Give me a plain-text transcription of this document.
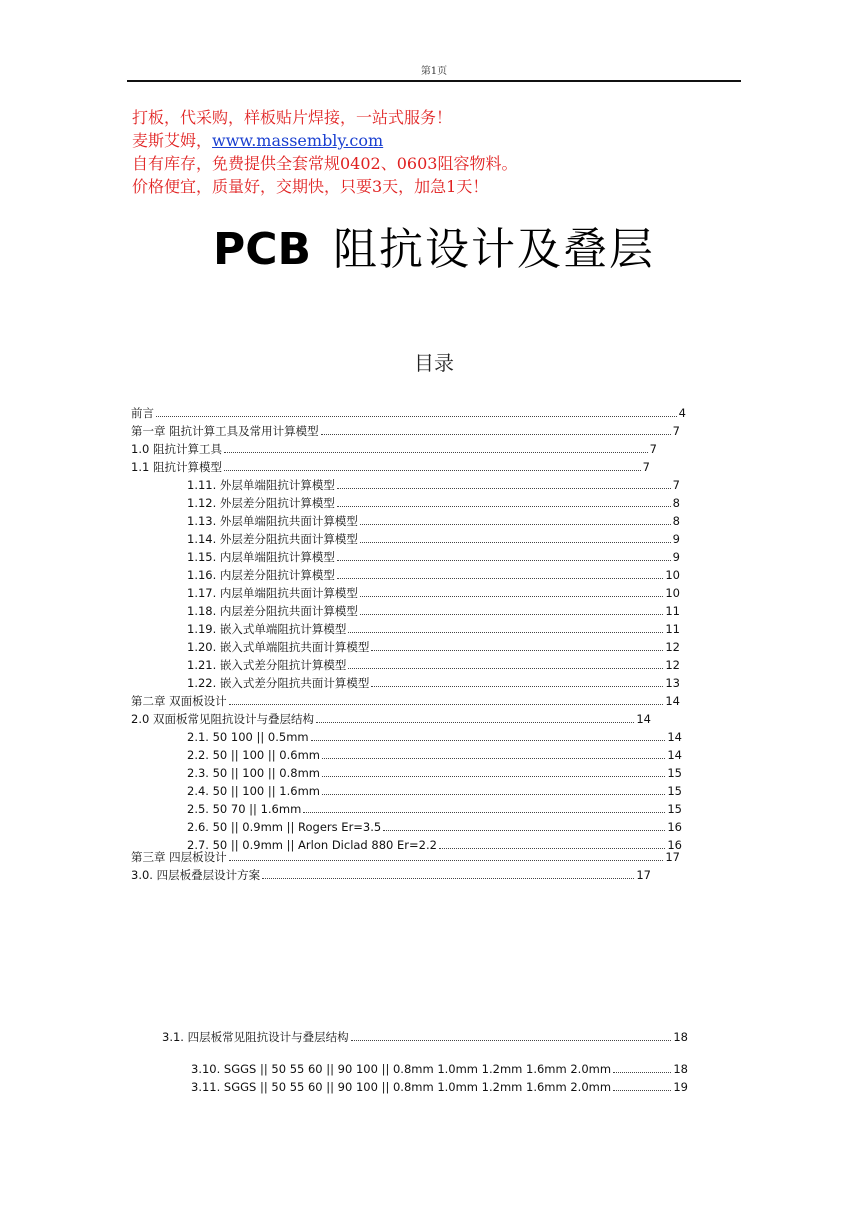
第1页
打板，代采购，样板贴片焊接，一站式服务！
麦斯艾姆，www.massembly.com
自有库存，免费提供全套常规0402、0603阻容物料。
价格便宜，质量好，交期快，只要3天，加急1天！
PCB 阻抗设计及叠层
目录
前言	4
第一章 阻抗计算工具及常用计算模型	7
1.0 阻抗计算工具	7
1.1 阻抗计算模型	7
1.11. 外层单端阻抗计算模型	7
1.12. 外层差分阻抗计算模型	8
1.13. 外层单端阻抗共面计算模型	8
1.14. 外层差分阻抗共面计算模型	9
1.15. 内层单端阻抗计算模型	9
1.16. 内层差分阻抗计算模型	10
1.17. 内层单端阻抗共面计算模型	10
1.18. 内层差分阻抗共面计算模型	11
1.19. 嵌入式单端阻抗计算模型	11
1.20. 嵌入式单端阻抗共面计算模型	12
1.21. 嵌入式差分阻抗计算模型	12
1.22. 嵌入式差分阻抗共面计算模型	13
第二章 双面板设计	14
2.0 双面板常见阻抗设计与叠层结构	14
2.1. 50 100 || 0.5mm	14
2.2. 50 || 100 || 0.6mm	14
2.3. 50 || 100 || 0.8mm	15
2.4. 50 || 100 || 1.6mm	15
2.5. 50 70 || 1.6mm	15
2.6. 50 || 0.9mm || Rogers Er=3.5	16
2.7. 50 || 0.9mm || Arlon Diclad 880 Er=2.2	16
第三章 四层板设计	17
3.0. 四层板叠层设计方案	17
3.1. 四层板常见阻抗设计与叠层结构	18
3.10. SGGS || 50 55 60 || 90 100 || 0.8mm 1.0mm 1.2mm 1.6mm 2.0mm	18
3.11. SGGS || 50 55 60 || 90 100 || 0.8mm 1.0mm 1.2mm 1.6mm 2.0mm	19
